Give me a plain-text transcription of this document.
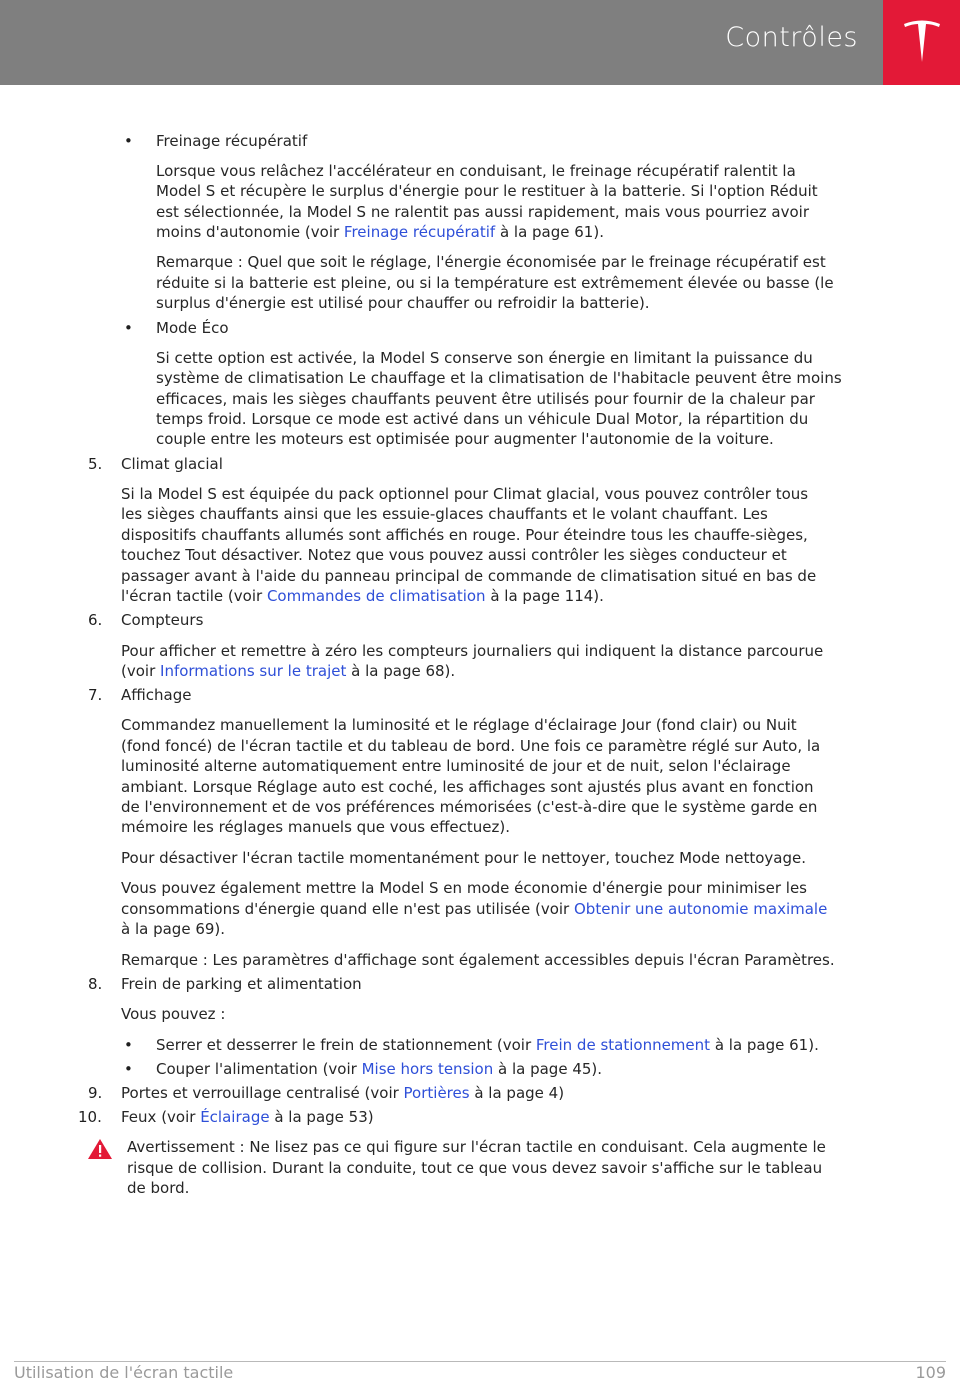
Contrôles
• Freinage récupératif
Lorsque vous relâchez l'accélérateur en conduisant, le freinage récupératif ralentit la
Model S et récupère le surplus d'énergie pour le restituer à la batterie. Si l'option Réduit
est sélectionnée, la Model S ne ralentit pas aussi rapidement, mais vous pourriez avoir
moins d'autonomie (voir Freinage récupératif à la page 61).
Remarque : Quel que soit le réglage, l'énergie économisée par le freinage récupératif est
réduite si la batterie est pleine, ou si la température est extrêmement élevée ou basse (le
surplus d'énergie est utilisé pour chauffer ou refroidir la batterie).
• Mode Éco
Si cette option est activée, la Model S conserve son énergie en limitant la puissance du
système de climatisation Le chauffage et la climatisation de l'habitacle peuvent être moins
efficaces, mais les sièges chauffants peuvent être utilisés pour fournir de la chaleur par
temps froid. Lorsque ce mode est activé dans un véhicule Dual Motor, la répartition du
couple entre les moteurs est optimisée pour augmenter l'autonomie de la voiture.
5. Climat glacial
Si la Model S est équipée du pack optionnel pour Climat glacial, vous pouvez contrôler tous
les sièges chauffants ainsi que les essuie-glaces chauffants et le volant chauffant. Les
dispositifs chauffants allumés sont affichés en rouge. Pour éteindre tous les chauffe-sièges,
touchez Tout désactiver. Notez que vous pouvez aussi contrôler les sièges conducteur et
passager avant à l'aide du panneau principal de commande de climatisation situé en bas de
l'écran tactile (voir Commandes de climatisation à la page 114).
6. Compteurs
Pour afficher et remettre à zéro les compteurs journaliers qui indiquent la distance parcourue
(voir Informations sur le trajet à la page 68).
7. Affichage
Commandez manuellement la luminosité et le réglage d'éclairage Jour (fond clair) ou Nuit
(fond foncé) de l'écran tactile et du tableau de bord. Une fois ce paramètre réglé sur Auto, la
luminosité alterne automatiquement entre luminosité de jour et de nuit, selon l'éclairage
ambiant. Lorsque Réglage auto est coché, les affichages sont ajustés plus avant en fonction
de l'environnement et de vos préférences mémorisées (c'est-à-dire que le système garde en
mémoire les réglages manuels que vous effectuez).
Pour désactiver l'écran tactile momentanément pour le nettoyer, touchez Mode nettoyage.
Vous pouvez également mettre la Model S en mode économie d'énergie pour minimiser les
consommations d'énergie quand elle n'est pas utilisée (voir Obtenir une autonomie maximale
à la page 69).
Remarque : Les paramètres d'affichage sont également accessibles depuis l'écran Paramètres.
8. Frein de parking et alimentation
Vous pouvez :
• Serrer et desserrer le frein de stationnement (voir Frein de stationnement à la page 61).
• Couper l'alimentation (voir Mise hors tension à la page 45).
9. Portes et verrouillage centralisé (voir Portières à la page 4)
10. Feux (voir Éclairage à la page 53)
Avertissement : Ne lisez pas ce qui figure sur l'écran tactile en conduisant. Cela augmente le
risque de collision. Durant la conduite, tout ce que vous devez savoir s'affiche sur le tableau
de bord.
Utilisation de l'écran tactile	109
